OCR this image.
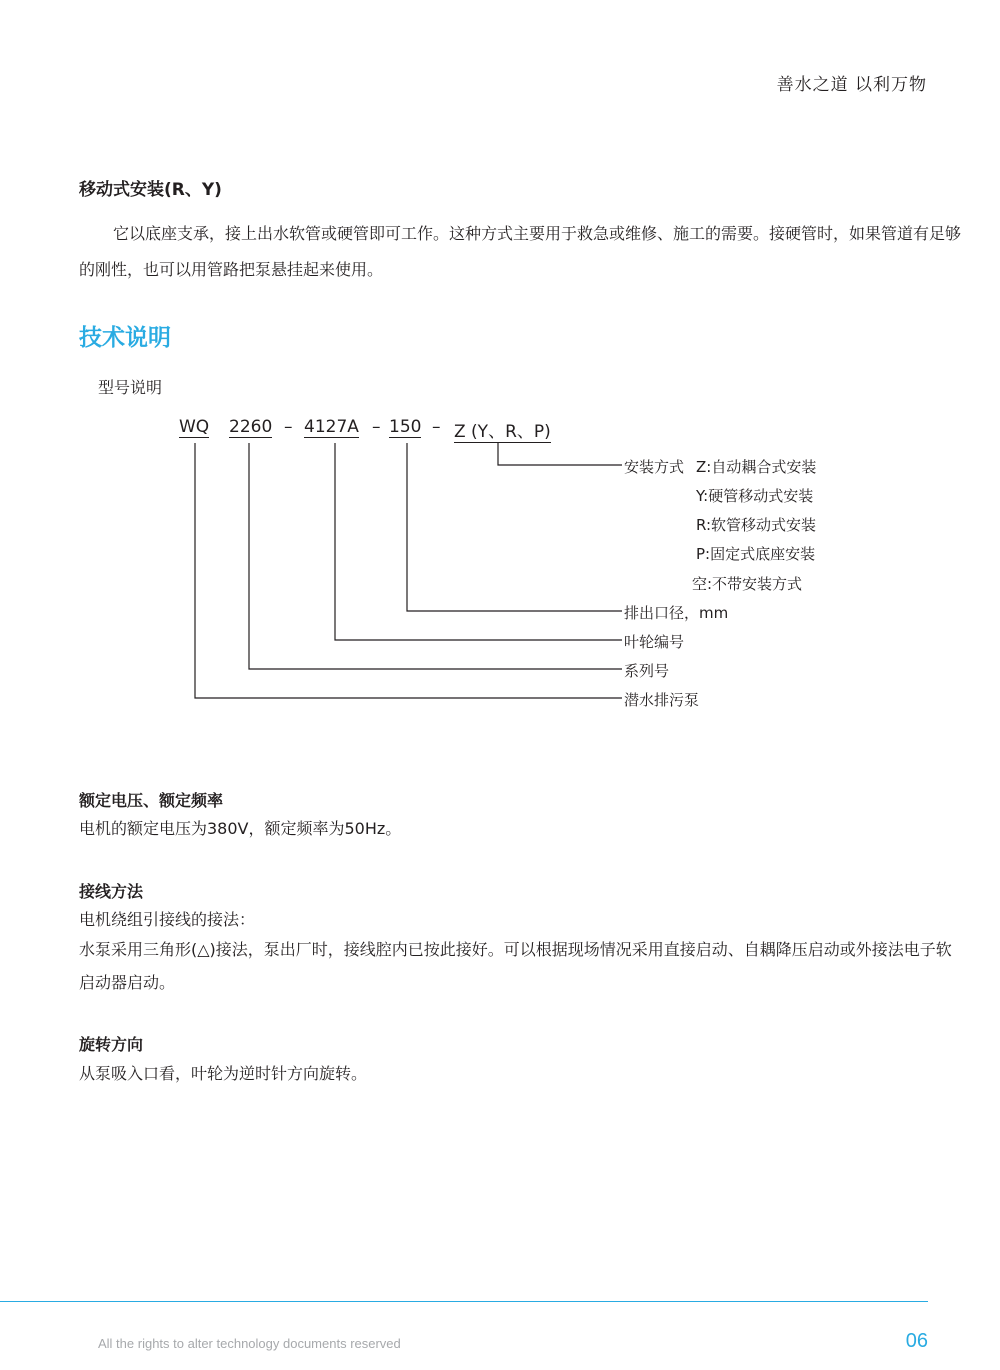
善水之道 以利万物
移动式安装(R、Y)
它以底座支承，接上出水软管或硬管即可工作。这种方式主要用于救急或维修、施工的需要。接硬管时，如果管道有足够的刚性，也可以用管路把泵悬挂起来使用。
技术说明
型号说明
WQ 2260 – 4127A – 150 – Z (Y、R、P)
安装方式 Z:自动耦合式安装
Y:硬管移动式安装
R:软管移动式安装
P:固定式底座安装
空:不带安装方式
排出口径，mm
叶轮编号
系列号
潜水排污泵
额定电压、额定频率
电机的额定电压为380V，额定频率为50Hz。
接线方法
电机绕组引接线的接法：
水泵采用三角形(△)接法，泵出厂时，接线腔内已按此接好。可以根据现场情况采用直接启动、自耦降压启动或外接法电子软启动器启动。
旋转方向
从泵吸入口看，叶轮为逆时针方向旋转。
All the rights to alter technology documents reserved	06
